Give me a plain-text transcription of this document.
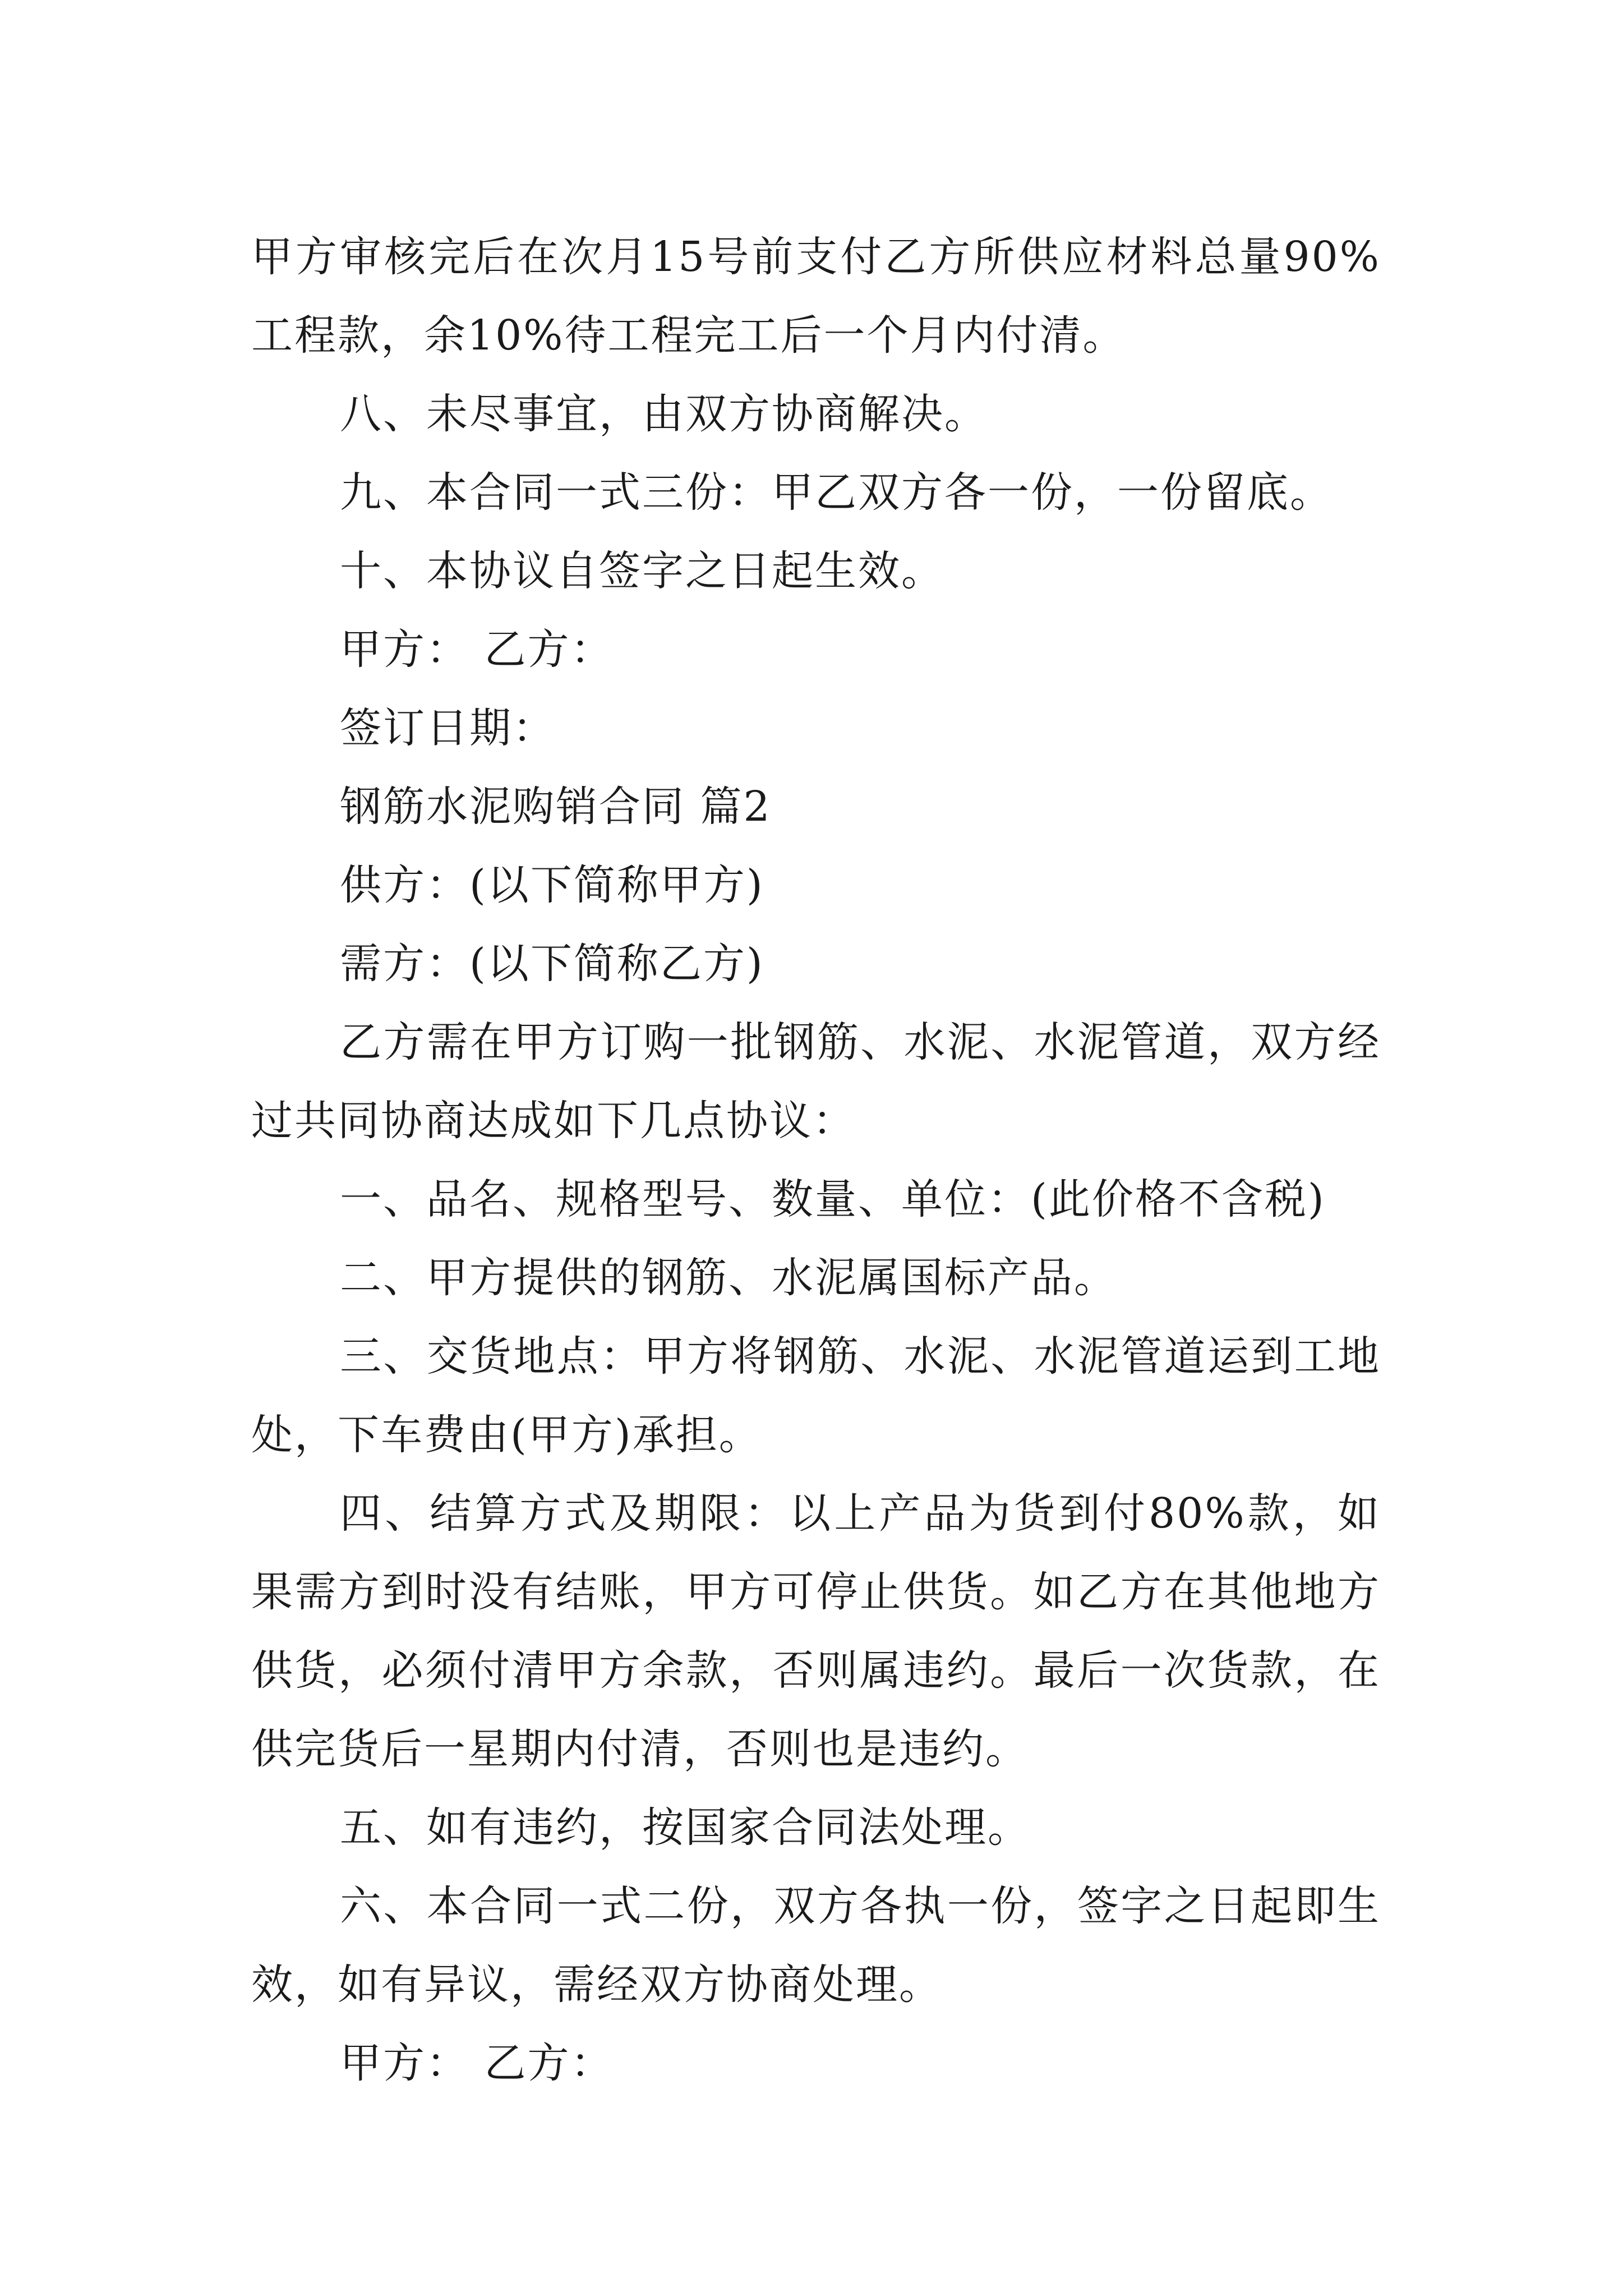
甲方审核完后在次月15号前支付乙方所供应材料总量90%工程款，余10%待工程完工后一个月内付清。

八、未尽事宜，由双方协商解决。

九、本合同一式三份：甲乙双方各一份，一份留底。

十、本协议自签字之日起生效。

甲方： 乙方：

签订日期：

钢筋水泥购销合同 篇2

供方：(以下简称甲方)

需方：(以下简称乙方)

乙方需在甲方订购一批钢筋、水泥、水泥管道，双方经过共同协商达成如下几点协议：

一、品名、规格型号、数量、单位：(此价格不含税)

二、甲方提供的钢筋、水泥属国标产品。

三、交货地点：甲方将钢筋、水泥、水泥管道运到工地处，下车费由(甲方)承担。

四、结算方式及期限：以上产品为货到付80%款，如果需方到时没有结账，甲方可停止供货。如乙方在其他地方供货，必须付清甲方余款，否则属违约。最后一次货款，在供完货后一星期内付清，否则也是违约。

五、如有违约，按国家合同法处理。

六、本合同一式二份，双方各执一份，签字之日起即生效，如有异议，需经双方协商处理。

甲方： 乙方：
